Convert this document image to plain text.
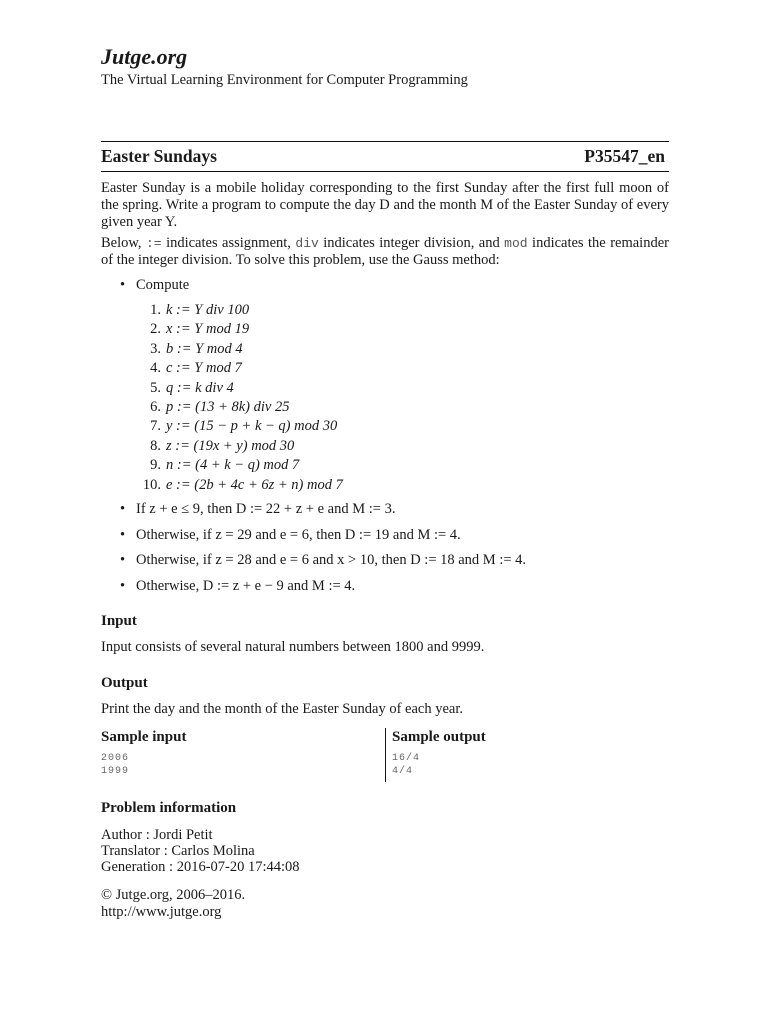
Jutge.org

The Virtual Learning Environment for Computer Programming

Easter Sundays	P35547_en

Easter Sunday is a mobile holiday corresponding to the first Sunday after the first full moon of the spring. Write a program to compute the day D and the month M of the Easter Sunday of every given year Y.

Below, := indicates assignment, div indicates integer division, and mod indicates the remainder of the integer division. To solve this problem, use the Gauss method:

• Compute
1. k := Y div 100
2. x := Y mod 19
3. b := Y mod 4
4. c := Y mod 7
5. q := k div 4
6. p := (13 + 8k) div 25
7. y := (15 − p + k − q) mod 30
8. z := (19x + y) mod 30
9. n := (4 + k − q) mod 7
10. e := (2b + 4c + 6z + n) mod 7
• If z + e ≤ 9, then D := 22 + z + e and M := 3.
• Otherwise, if z = 29 and e = 6, then D := 19 and M := 4.
• Otherwise, if z = 28 and e = 6 and x > 10, then D := 18 and M := 4.
• Otherwise, D := z + e − 9 and M := 4.
Input

Input consists of several natural numbers between 1800 and 9999.

Output

Print the day and the month of the Easter Sunday of each year.

Sample input
2006
1999
Sample output
16/4
4/4
Problem information

Author : Jordi Petit

Translator : Carlos Molina

Generation : 2016-07-20 17:44:08

© Jutge.org, 2006–2016.

http://www.jutge.org
